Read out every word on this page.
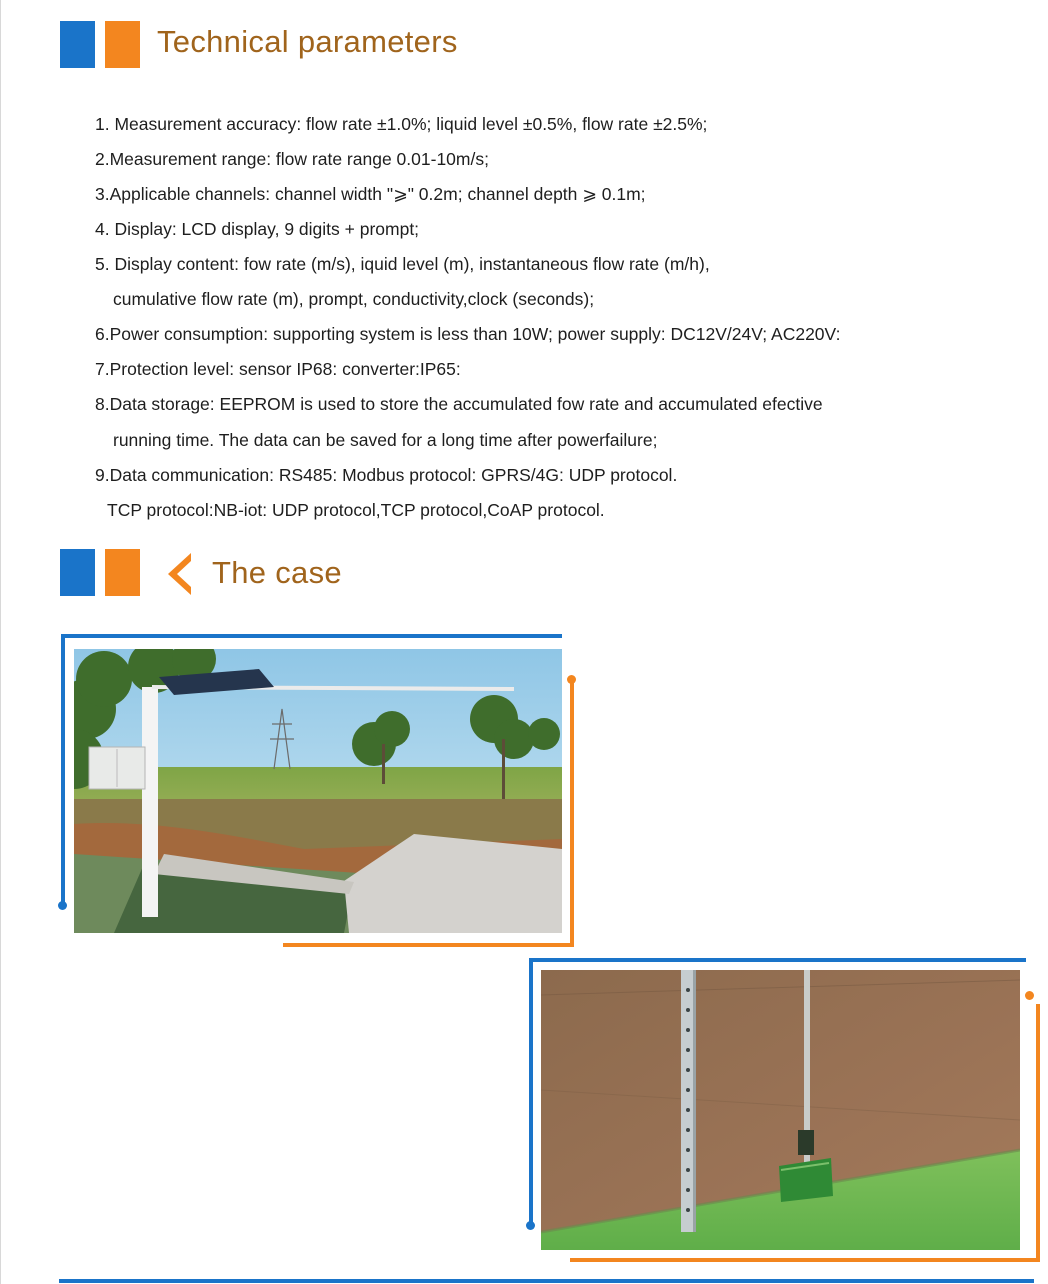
Technical parameters
1. Measurement accuracy: flow rate ±1.0%; liquid level ±0.5%, flow rate ±2.5%;
2.Measurement range: flow rate range 0.01-10m/s;
3.Applicable channels: channel width "⩾" 0.2m; channel depth ⩾ 0.1m;
4. Display: LCD display, 9 digits + prompt;
5. Display content: fow rate (m/s), iquid level (m), instantaneous flow rate (m/h),
cumulative flow rate (m), prompt, conductivity,clock (seconds);
6.Power consumption: supporting system is less than 10W; power supply: DC12V/24V; AC220V:
7.Protection level: sensor IP68: converter:IP65:
8.Data storage: EEPROM is used to store the accumulated fow rate and accumulated efective
running time. The data can be saved for a long time after powerfailure;
9.Data communication: RS485: Modbus protocol: GPRS/4G: UDP protocol.
TCP protocol:NB-iot: UDP protocol,TCP protocol,CoAP protocol.
The case
